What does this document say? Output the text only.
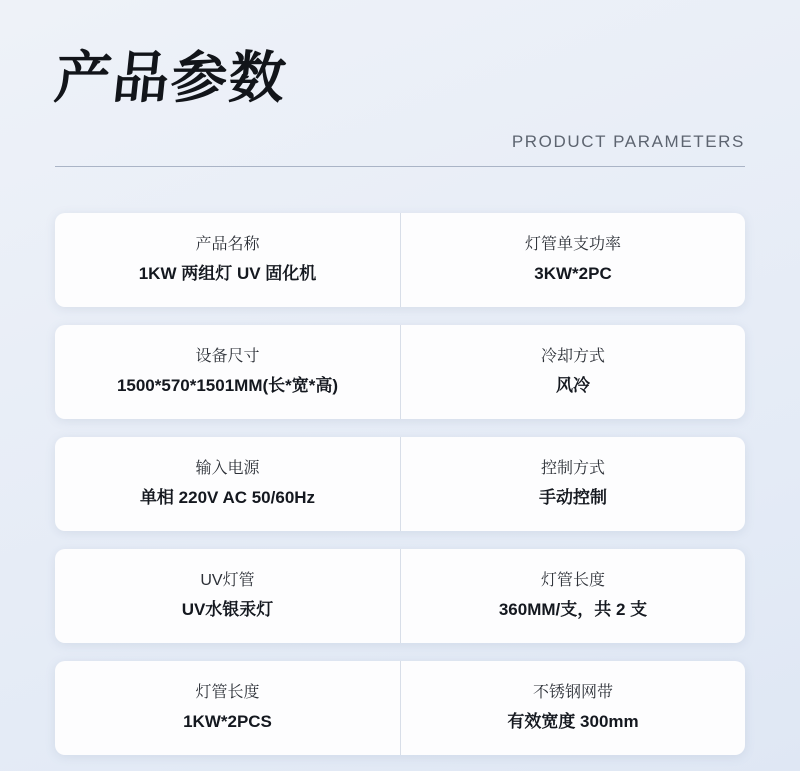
产品参数
PRODUCT PARAMETERS
产品名称
1KW 两组灯 UV 固化机
灯管单支功率
3KW*2PC
设备尺寸
1500*570*1501MM(长*宽*高)
冷却方式
风冷
输入电源
单相 220V AC 50/60Hz
控制方式
手动控制
UV灯管
UV水银汞灯
灯管长度
360MM/支，共 2 支
灯管长度
1KW*2PCS
不锈钢网带
有效宽度 300mm
